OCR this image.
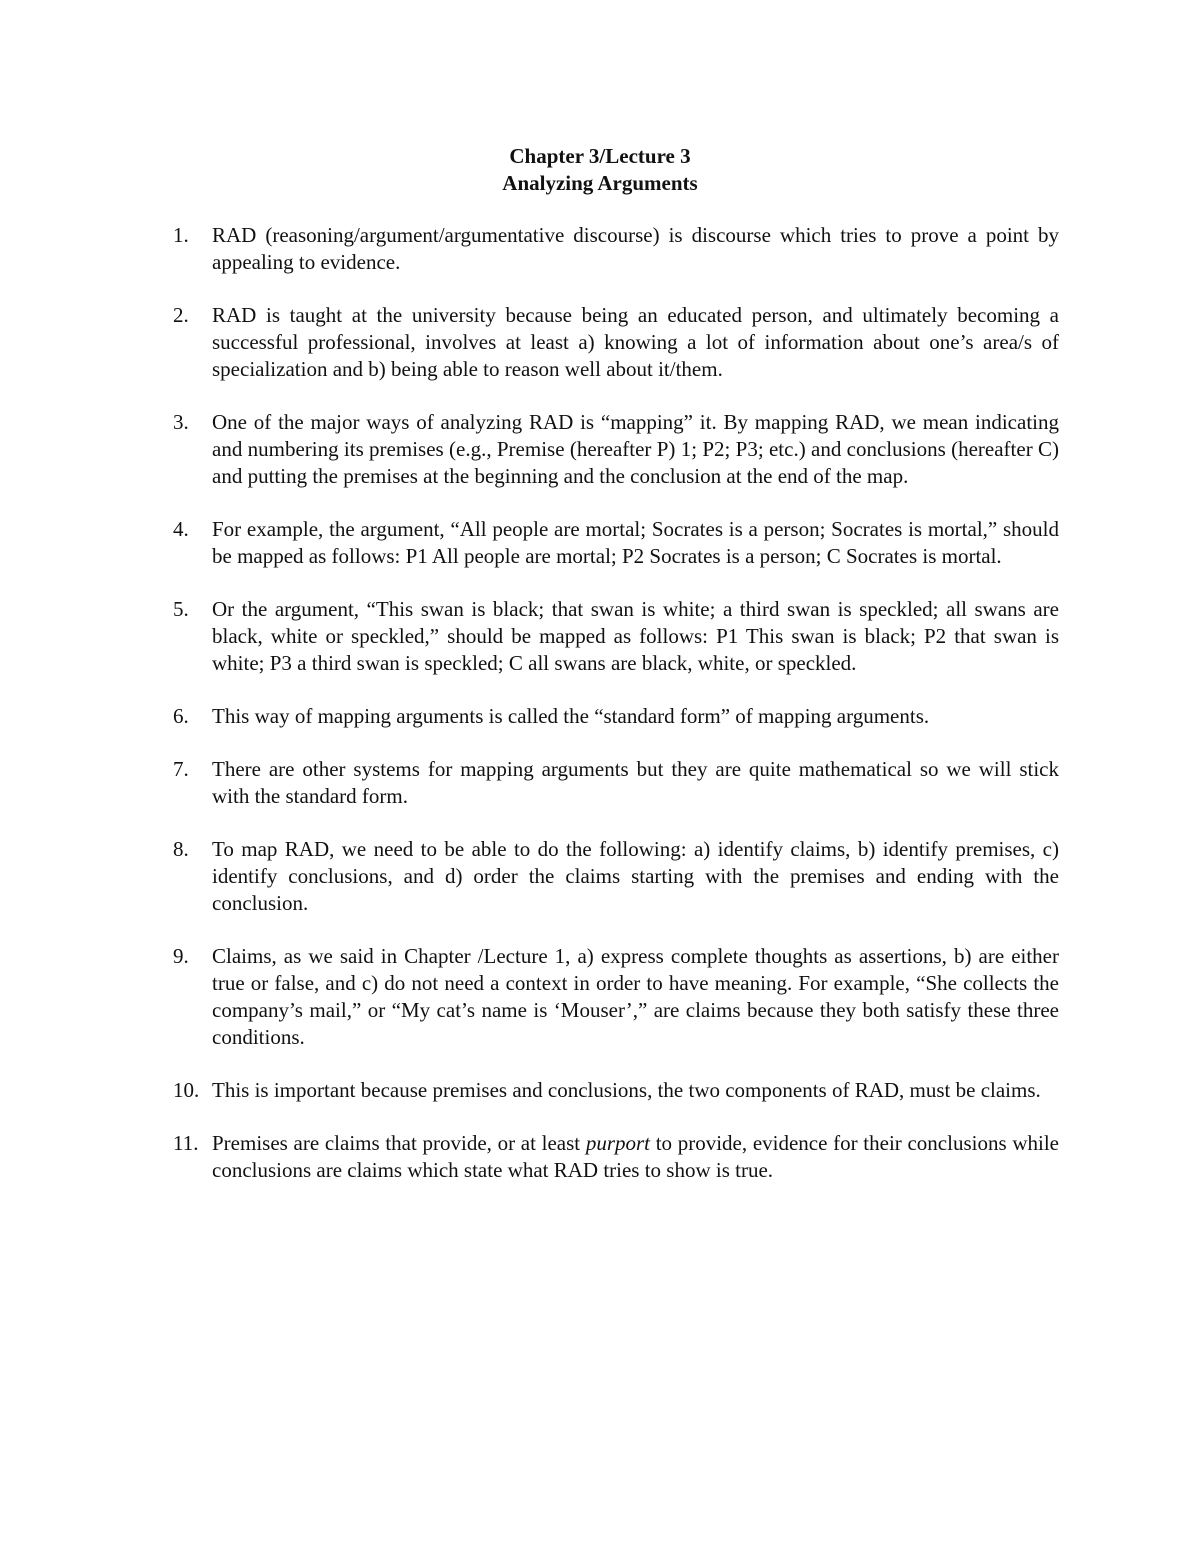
Chapter 3/Lecture 3
Analyzing Arguments
1.	RAD (reasoning/argument/argumentative discourse) is discourse which tries to prove a point by appealing to evidence.
2.	RAD is taught at the university because being an educated person, and ultimately becoming a successful professional, involves at least a) knowing a lot of information about one’s area/s of specialization and b) being able to reason well about it/them.
3.	One of the major ways of analyzing RAD is “mapping” it. By mapping RAD, we mean indicating and numbering its premises (e.g., Premise (hereafter P) 1; P2; P3; etc.) and conclusions (hereafter C) and putting the premises at the beginning and the conclusion at the end of the map.
4.	For example, the argument, “All people are mortal; Socrates is a person; Socrates is mortal,” should be mapped as follows: P1 All people are mortal; P2 Socrates is a person; C Socrates is mortal.
5.	Or the argument, “This swan is black; that swan is white; a third swan is speckled; all swans are black, white or speckled,” should be mapped as follows: P1 This swan is black; P2 that swan is white; P3 a third swan is speckled; C all swans are black, white, or speckled.
6.	This way of mapping arguments is called the “standard form” of mapping arguments.
7.	There are other systems for mapping arguments but they are quite mathematical so we will stick with the standard form.
8.	To map RAD, we need to be able to do the following: a) identify claims, b) identify premises, c) identify conclusions, and d) order the claims starting with the premises and ending with the conclusion.
9.	Claims, as we said in Chapter /Lecture 1, a) express complete thoughts as assertions, b) are either true or false, and c) do not need a context in order to have meaning. For example, “She collects the company’s mail,” or “My cat’s name is ‘Mouser’,” are claims because they both satisfy these three conditions.
10. This is important because premises and conclusions, the two components of RAD, must be claims.
11. Premises are claims that provide, or at least purport to provide, evidence for their conclusions while conclusions are claims which state what RAD tries to show is true.
